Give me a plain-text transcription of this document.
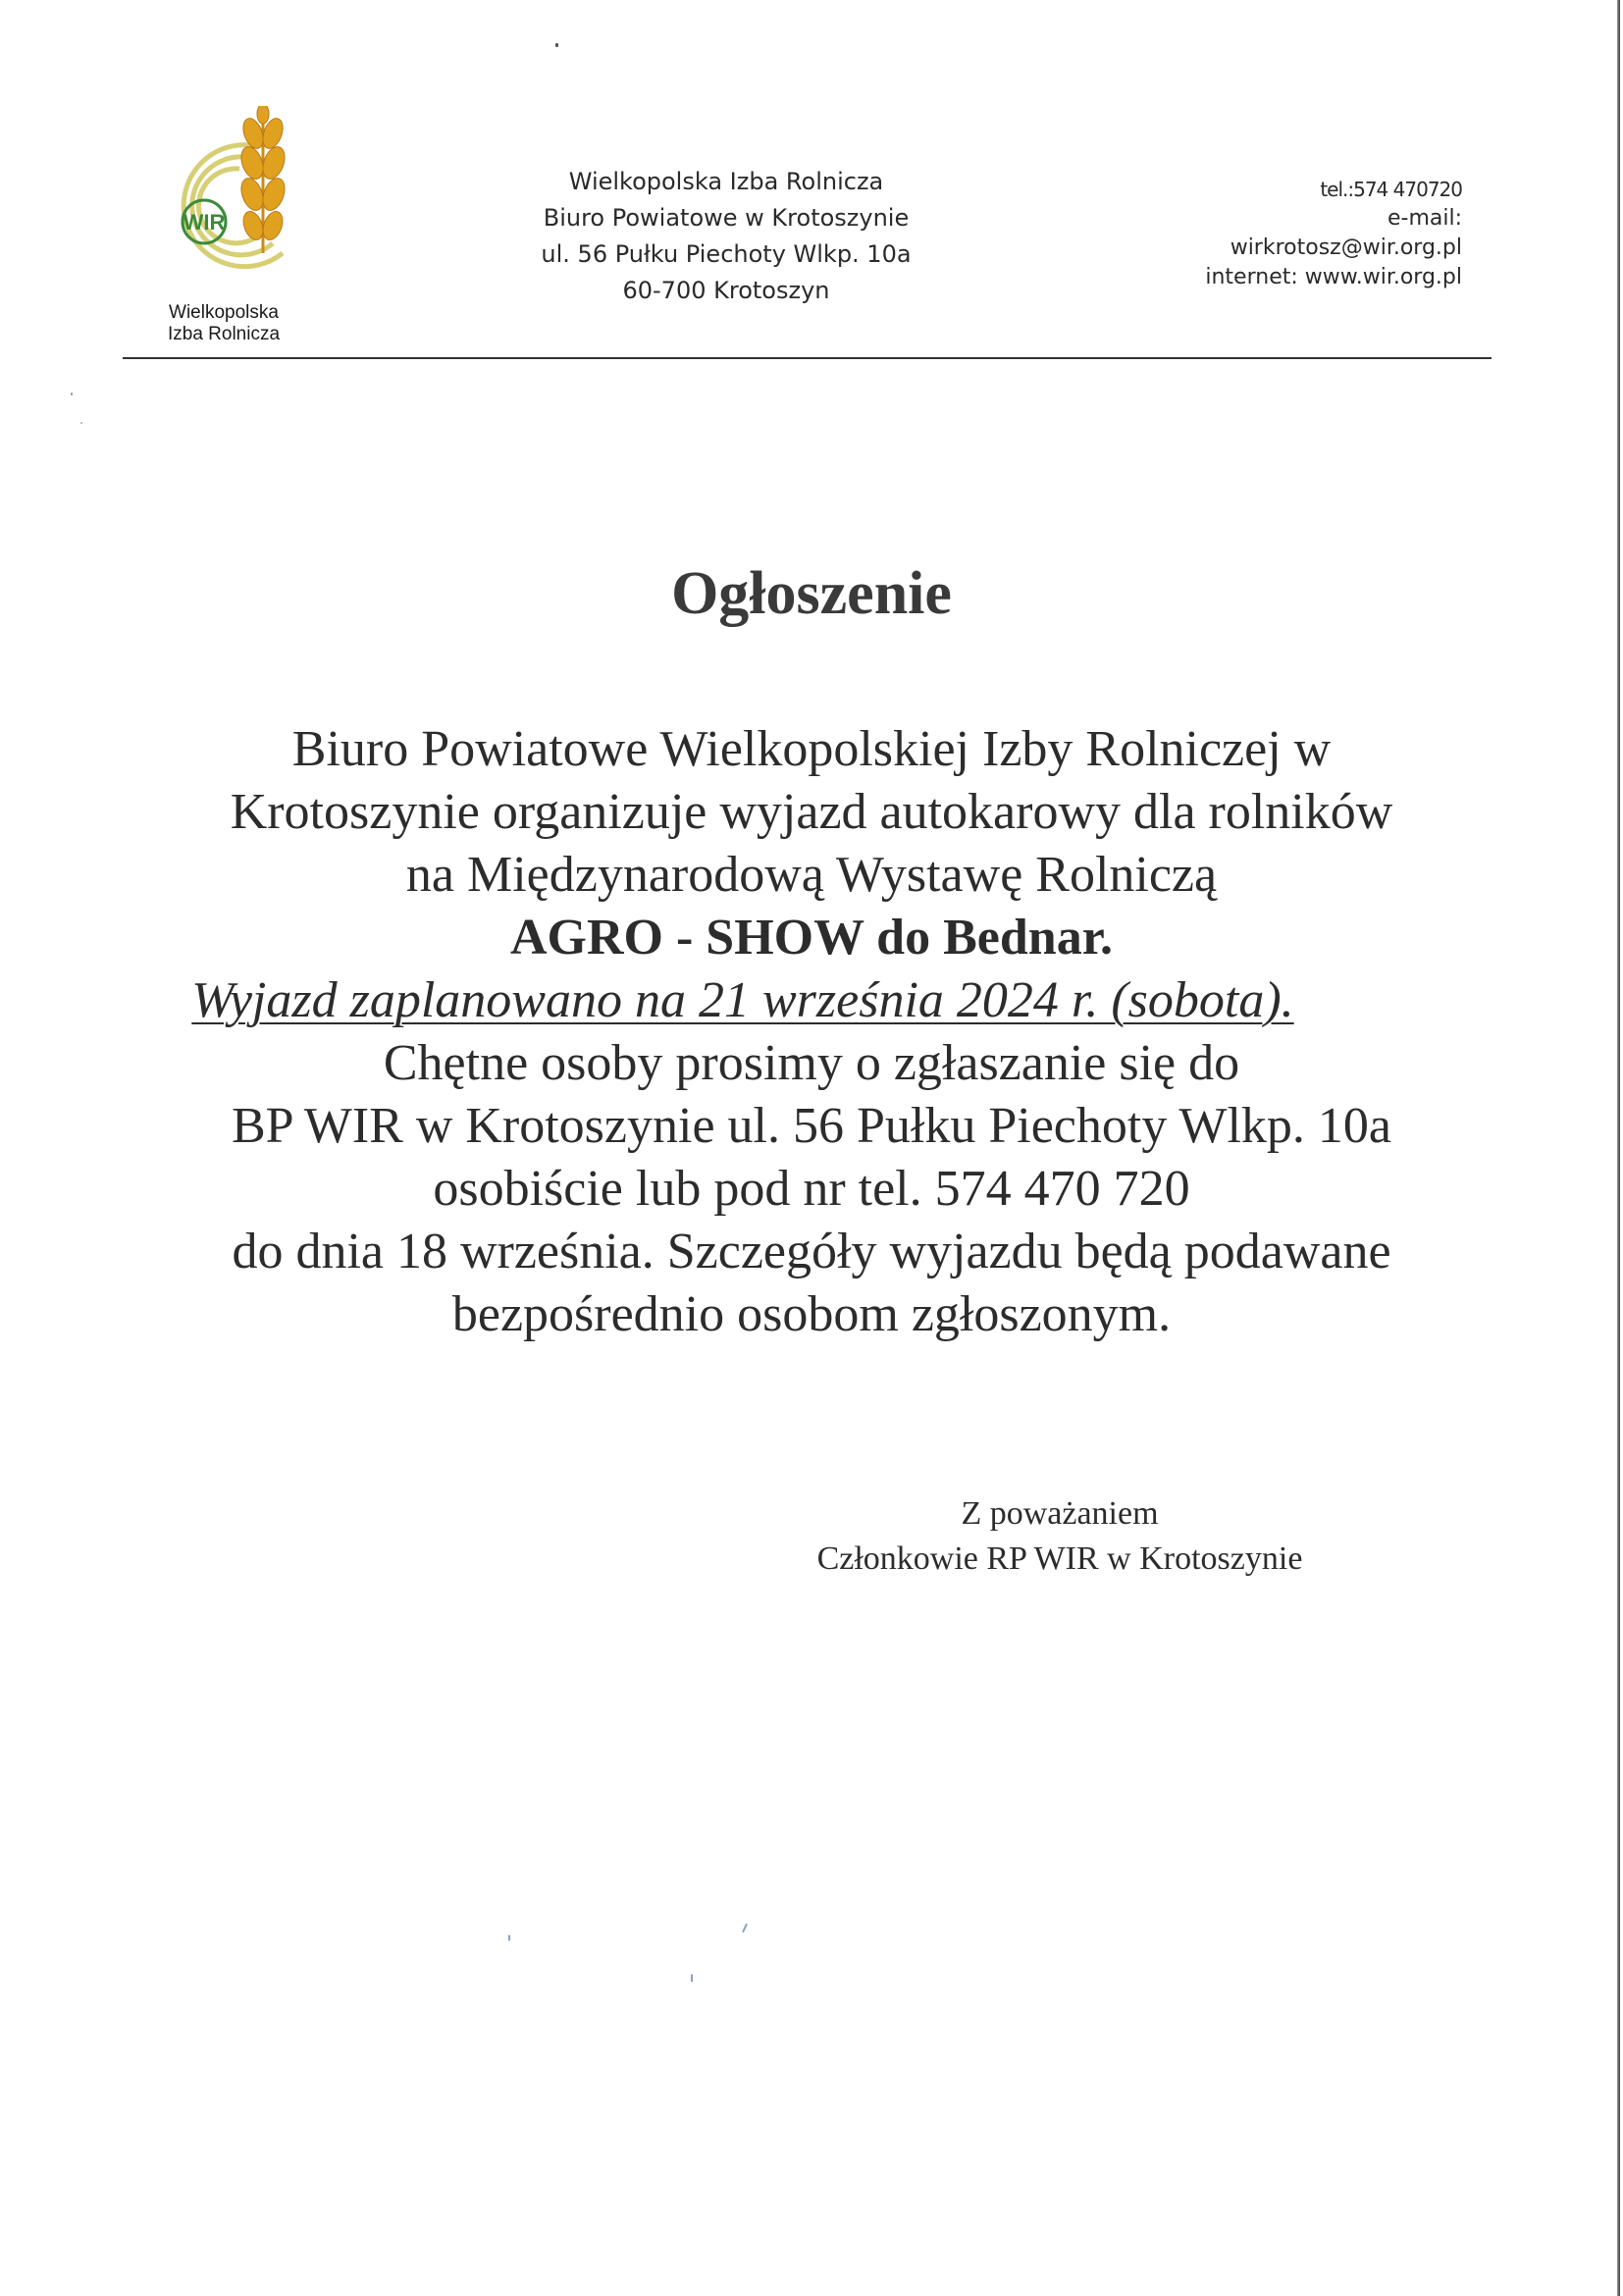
WIR
Wielkopolska
Izba Rolnicza
Wielkopolska Izba Rolnicza
Biuro Powiatowe w Krotoszynie
ul. 56 Pułku Piechoty Wlkp. 10a
60-700 Krotoszyn
tel.:574 470720
e-mail:
wirkrotosz@wir.org.pl
internet: www.wir.org.pl
Ogłoszenie
Biuro Powiatowe Wielkopolskiej Izby Rolniczej w
Krotoszynie organizuje wyjazd autokarowy dla rolników
na Międzynarodową Wystawę Rolniczą
AGRO - SHOW do Bednar.
Wyjazd zaplanowano na 21 września 2024 r. (sobota).
Chętne osoby prosimy o zgłaszanie się do
BP WIR w Krotoszynie ul. 56 Pułku Piechoty Wlkp. 10a
osobiście lub pod nr tel. 574 470 720
do dnia 18 września. Szczegóły wyjazdu będą podawane
bezpośrednio osobom zgłoszonym.
Z poważaniem
Członkowie RP WIR w Krotoszynie
